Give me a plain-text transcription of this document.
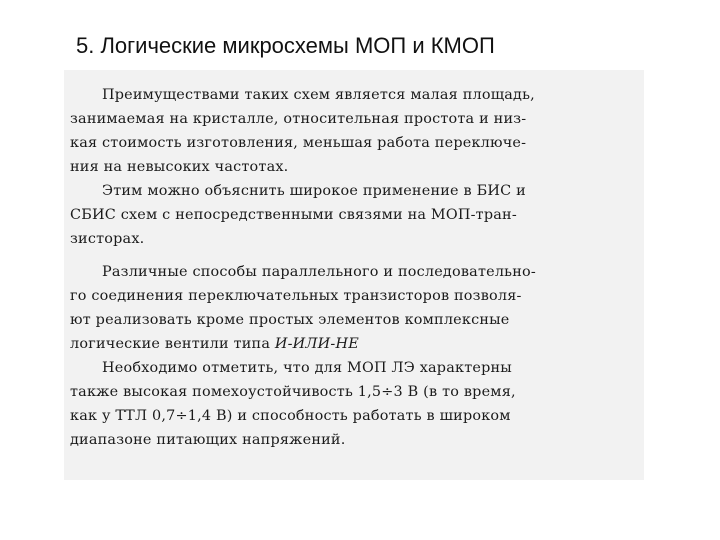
5. Логические микросхемы МОП и КМОП
Преимуществами таких схем является малая площадь,
занимаемая на кристалле, относительная простота и низ-
кая стоимость изготовления, меньшая работа переключе-
ния на невысоких частотах.
Этим можно объяснить широкое применение в БИС и
СБИС схем с непосредственными связями на МОП-тран-
зисторах.
Различные способы параллельного и последовательно-
го соединения переключательных транзисторов позволя-
ют реализовать кроме простых элементов комплексные
логические вентили типа И-ИЛИ-НЕ
Необходимо отметить, что для МОП ЛЭ характерны
также высокая помехоустойчивость 1,5÷3 В (в то время,
как у ТТЛ 0,7÷1,4 В) и способность работать в широком
диапазоне питающих напряжений.
